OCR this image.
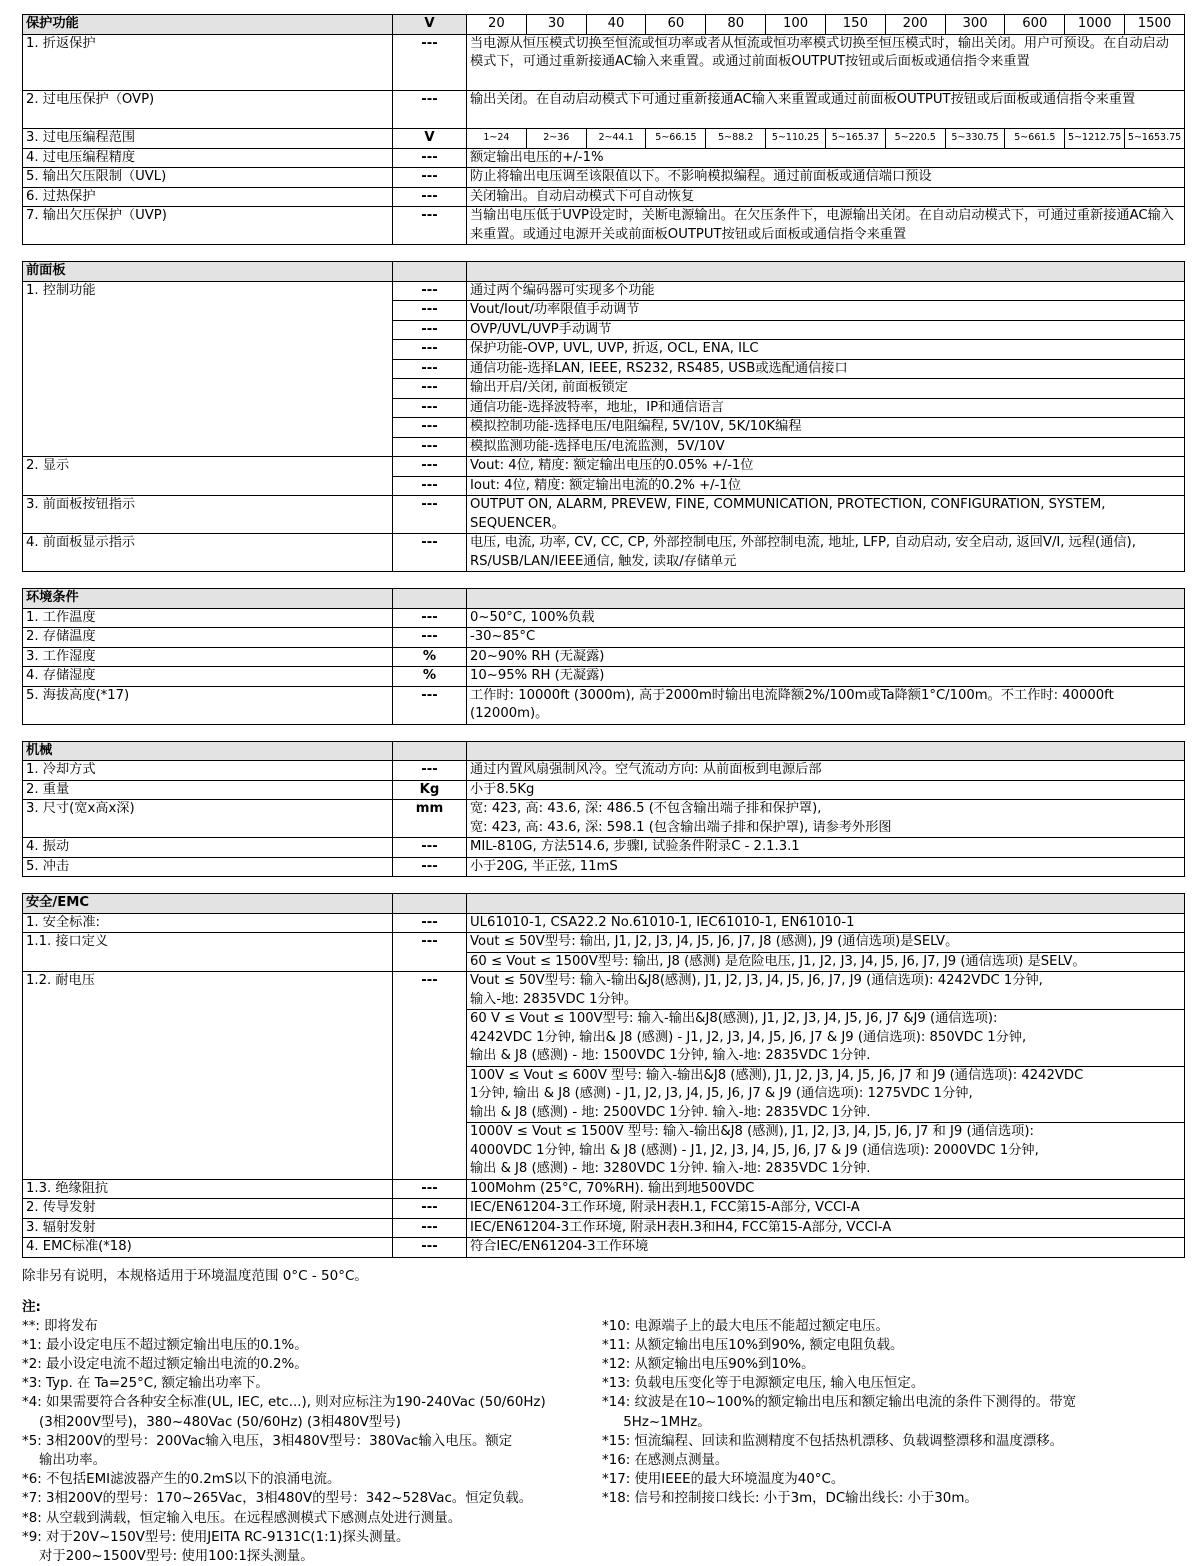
保护功能	V	20	30	40	60	80	100	150	200	300	600	1000	1500
1. 折返保护	---	当电源从恒压模式切换至恒流或恒功率或者从恒流或恒功率模式切换至恒压模式时，输出关闭。用户可预设。在自动启动模式下，可通过重新接通AC输入来重置。或通过前面板OUTPUT按钮或后面板或通信指令来重置											
2. 过电压保护（OVP)	---	输出关闭。在自动启动模式下可通过重新接通AC输入来重置或通过前面板OUTPUT按钮或后面板或通信指令来重置											
3. 过电压编程范围	V	1~24	2~36	2~44.1	5~66.15	5~88.2	5~110.25	5~165.37	5~220.5	5~330.75	5~661.5	5~1212.75	5~1653.75
4. 过电压编程精度	---	额定输出电压的+/-1%											
5. 输出欠压限制（UVL)	---	防止将输出电压调至该限值以下。不影响模拟编程。通过前面板或通信端口预设											
6. 过热保护	---	关闭输出。自动启动模式下可自动恢复											
7. 输出欠压保护（UVP)	---	当输出电压低于UVP设定时，关断电源输出。在欠压条件下，电源输出关闭。在自动启动模式下，可通过重新接通AC输入来重置。或通过电源开关或前面板OUTPUT按钮或后面板或通信指令来重置											
前面板		
1. 控制功能	---	通过两个编码器可实现多个功能
	---	Vout/Iout/功率限值手动调节
	---	OVP/UVL/UVP手动调节
	---	保护功能-OVP, UVL, UVP, 折返, OCL, ENA, ILC
	---	通信功能-选择LAN, IEEE, RS232, RS485, USB或选配通信接口
	---	输出开启/关闭, 前面板锁定
	---	通信功能-选择波特率，地址，IP和通信语言
	---	模拟控制功能-选择电压/电阻编程, 5V/10V, 5K/10K编程
	---	模拟监测功能-选择电压/电流监测，5V/10V
2. 显示	---	Vout: 4位, 精度: 额定输出电压的0.05% +/-1位
	---	Iout: 4位, 精度: 额定输出电流的0.2% +/-1位
3. 前面板按钮指示	---	OUTPUT ON, ALARM, PREVEW, FINE, COMMUNICATION, PROTECTION, CONFIGURATION, SYSTEM, SEQUENCER。
4. 前面板显示指示	---	电压, 电流, 功率, CV, CC, CP, 外部控制电压, 外部控制电流, 地址, LFP, 自动启动, 安全启动, 返回V/I, 远程(通信), RS/USB/LAN/IEEE通信, 触发, 读取/存储单元
环境条件		
1. 工作温度	---	0~50°C, 100%负载
2. 存储温度	---	-30~85°C
3. 工作湿度	%	20~90% RH (无凝露)
4. 存储湿度	%	10~95% RH (无凝露)
5. 海拔高度(*17)	---	工作时: 10000ft (3000m), 高于2000m时输出电流降额2%/100m或Ta降额1°C/100m。不工作时: 40000ft (12000m)。
机械		
1. 冷却方式	---	通过内置风扇强制风冷。空气流动方向: 从前面板到电源后部
2. 重量	Kg	小于8.5Kg
3. 尺寸(宽x高x深)	mm	宽: 423, 高: 43.6, 深: 486.5 (不包含输出端子排和保护罩),
宽: 423, 高: 43.6, 深: 598.1 (包含输出端子排和保护罩), 请参考外形图

4. 振动	---	MIL-810G, 方法514.6, 步骤I, 试验条件附录C - 2.1.3.1
5. 冲击	---	小于20G, 半正弦, 11mS
安全/EMC		
1. 安全标准:	---	UL61010-1, CSA22.2 No.61010-1, IEC61010-1, EN61010-1
1.1. 接口定义	---	Vout ≤ 50V型号: 输出, J1, J2, J3, J4, J5, J6, J7, J8 (感测), J9 (通信选项)是SELV。
		60 ≤ Vout ≤ 1500V型号: 输出, J8 (感测) 是危险电压, J1, J2, J3, J4, J5, J6, J7, J9 (通信选项) 是SELV。
1.2. 耐电压	---	Vout ≤ 50V型号: 输入-输出&J8(感测), J1, J2, J3, J4, J5, J6, J7, J9 (通信选项): 4242VDC 1分钟,
输入-地: 2835VDC 1分钟。

		60 V ≤ Vout ≤ 100V型号: 输入-输出&J8(感测), J1, J2, J3, J4, J5, J6, J7 &J9 (通信选项):
4242VDC 1分钟, 输出& J8 (感测) - J1, J2, J3, J4, J5, J6, J7 & J9 (通信选项): 850VDC 1分钟,
输出 & J8 (感测) - 地: 1500VDC 1分钟, 输入-地: 2835VDC 1分钟.

		100V ≤ Vout ≤ 600V 型号: 输入-输出&J8 (感测), J1, J2, J3, J4, J5, J6, J7 和 J9 (通信选项): 4242VDC
1分钟, 输出 & J8 (感测) - J1, J2, J3, J4, J5, J6, J7 & J9 (通信选项): 1275VDC 1分钟,
输出 & J8 (感测) - 地: 2500VDC 1分钟. 输入-地: 2835VDC 1分钟.

		1000V ≤ Vout ≤ 1500V 型号: 输入-输出&J8 (感测), J1, J2, J3, J4, J5, J6, J7 和 J9 (通信选项):
4000VDC 1分钟, 输出 & J8 (感测) - J1, J2, J3, J4, J5, J6, J7 & J9 (通信选项): 2000VDC 1分钟,
输出 & J8 (感测) - 地: 3280VDC 1分钟. 输入-地: 2835VDC 1分钟.

1.3. 绝缘阻抗	---	100Mohm (25°C, 70%RH). 输出到地500VDC
2. 传导发射	---	IEC/EN61204-3工作环境, 附录H表H.1, FCC第15-A部分, VCCI-A
3. 辐射发射	---	IEC/EN61204-3工作环境, 附录H表H.3和H4, FCC第15-A部分, VCCI-A
4. EMC标准(*18)	---	符合IEC/EN61204-3工作环境
除非另有说明，本规格适用于环境温度范围 0°C - 50°C。
注:
**: 即将发布
*1: 最小设定电压不超过额定输出电压的0.1%。
*2: 最小设定电流不超过额定输出电流的0.2%。
*3: Typ. 在 Ta=25°C, 额定输出功率下。
*4: 如果需要符合各种安全标准(UL, IEC, etc...), 则对应标注为190-240Vac (50/60Hz)
(3相200V型号)，380~480Vac (50/60Hz) (3相480V型号)
*5: 3相200V的型号：200Vac输入电压，3相480V型号：380Vac输入电压。额定
输出功率。
*6: 不包括EMI滤波器产生的0.2mS以下的浪涌电流。
*7: 3相200V的型号：170~265Vac，3相480V的型号：342~528Vac。恒定负载。
*8: 从空载到满载，恒定输入电压。在远程感测模式下感测点处进行测量。
*9: 对于20V~150V型号: 使用JEITA RC-9131C(1:1)探头测量。
对于200~1500V型号: 使用100:1探头测量。
*10: 电源端子上的最大电压不能超过额定电压。
*11: 从额定输出电压10%到90%, 额定电阻负载。
*12: 从额定输出电压90%到10%。
*13: 负载电压变化等于电源额定电压, 输入电压恒定。
*14: 纹波是在10~100%的额定输出电压和额定输出电流的条件下测得的。带宽
5Hz~1MHz。
*15: 恒流编程、回读和监测精度不包括热机漂移、负载调整漂移和温度漂移。
*16: 在感测点测量。
*17: 使用IEEE的最大环境温度为40°C。
*18: 信号和控制接口线长: 小于3m，DC输出线长: 小于30m。
